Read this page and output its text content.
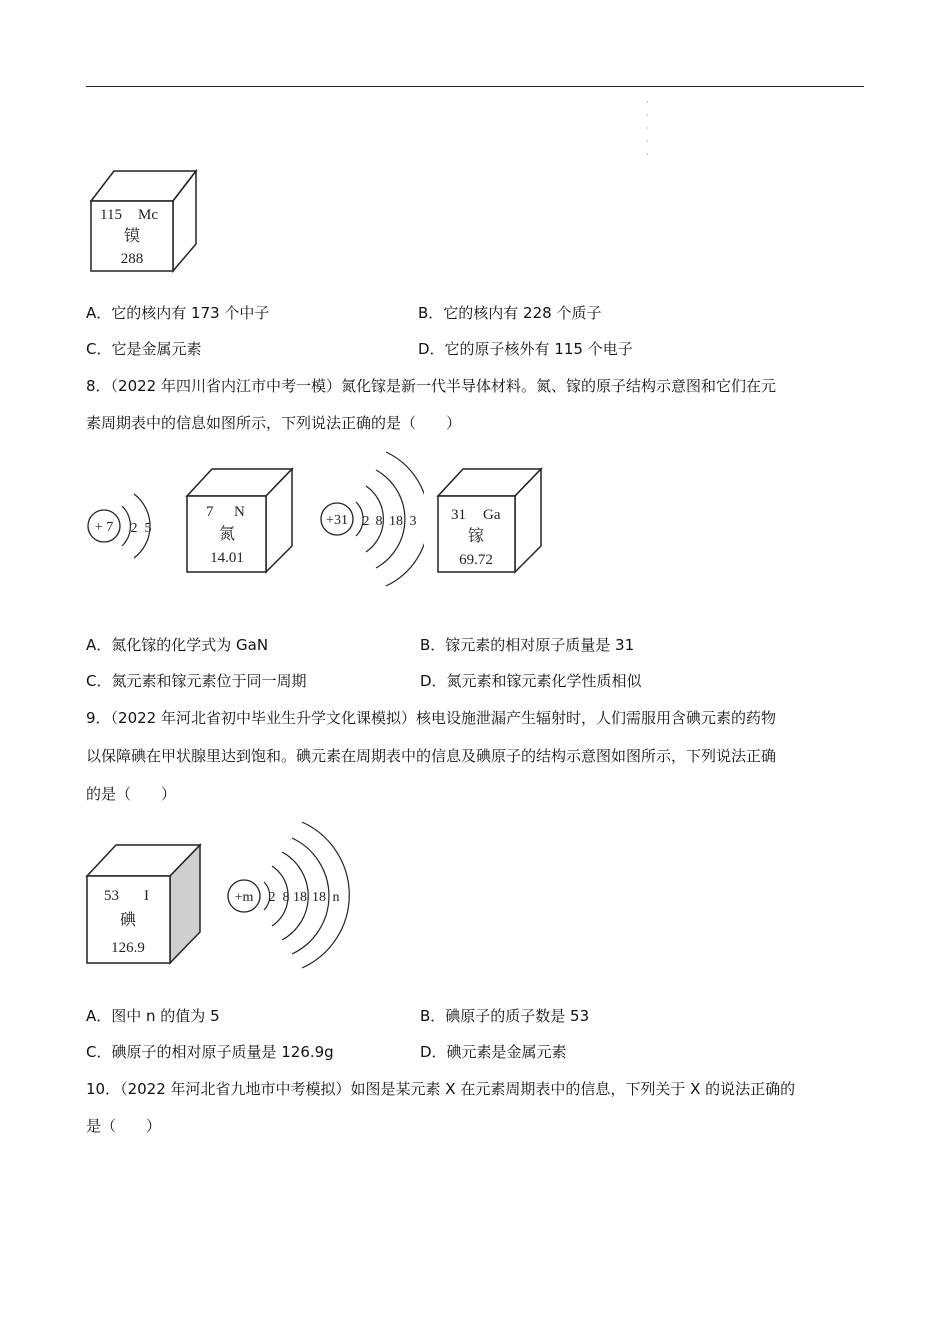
·
·
·
·
·
115 Mc
镆
288
A．它的核内有 173 个中子	B．它的核内有 228 个质子
C．它是金属元素	D．它的原子核外有 115 个电子
8．（2022 年四川省内江市中考一模）氮化镓是新一代半导体材料。氮、镓的原子结构示意图和它们在元
素周期表中的信息如图所示，下列说法正确的是（　　）
+ 7 2 5
7 N
氮
14.01
+31 2 8 18 3 31 Ga
镓
69.72
A．氮化镓的化学式为 GaN	B．镓元素的相对原子质量是 31
C．氮元素和镓元素位于同一周期	D．氮元素和镓元素化学性质相似
9．（2022 年河北省初中毕业生升学文化课模拟）核电设施泄漏产生辐射时，人们需服用含碘元素的药物
以保障碘在甲状腺里达到饱和。碘元素在周期表中的信息及碘原子的结构示意图如图所示，下列说法正确
的是（　　）
53 I
碘
126.9
+m 2 8 18 18 n
A．图中 n 的值为 5	B．碘原子的质子数是 53
C．碘原子的相对原子质量是 126.9g	D．碘元素是金属元素
10．（2022 年河北省九地市中考模拟）如图是某元素 X 在元素周期表中的信息，下列关于 X 的说法正确的
是（　　）
